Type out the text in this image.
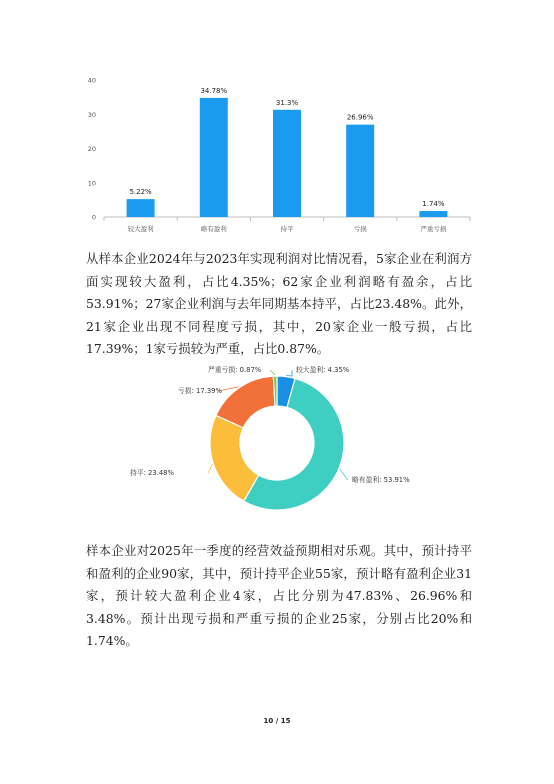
0
10
20
30
40
5.22%
较大盈利
34.78%
略有盈利
31.3%
持平
26.96%
亏损
1.74%
严重亏损

从样本企业2024年与2023年实现利润对比情况看，5家企业在利润方面实现较大盈利，占比4.35%；62家企业利润略有盈余，占比53.91%；27家企业利润与去年同期基本持平，占比23.48%。此外，21家企业出现不同程度亏损，其中，20家企业一般亏损，占比17.39%；1家亏损较为严重，占比0.87%。

较大盈利: 4.35%
略有盈利: 53.91%
持平: 23.48%
亏损: 17.39%
严重亏损: 0.87%

样本企业对2025年一季度的经营效益预期相对乐观。其中，预计持平和盈利的企业90家，其中，预计持平企业55家，预计略有盈利企业31家，预计较大盈利企业4家，占比分别为47.83%、26.96%和3.48%。预计出现亏损和严重亏损的企业25家，分别占比20%和1.74%。

10 / 15
